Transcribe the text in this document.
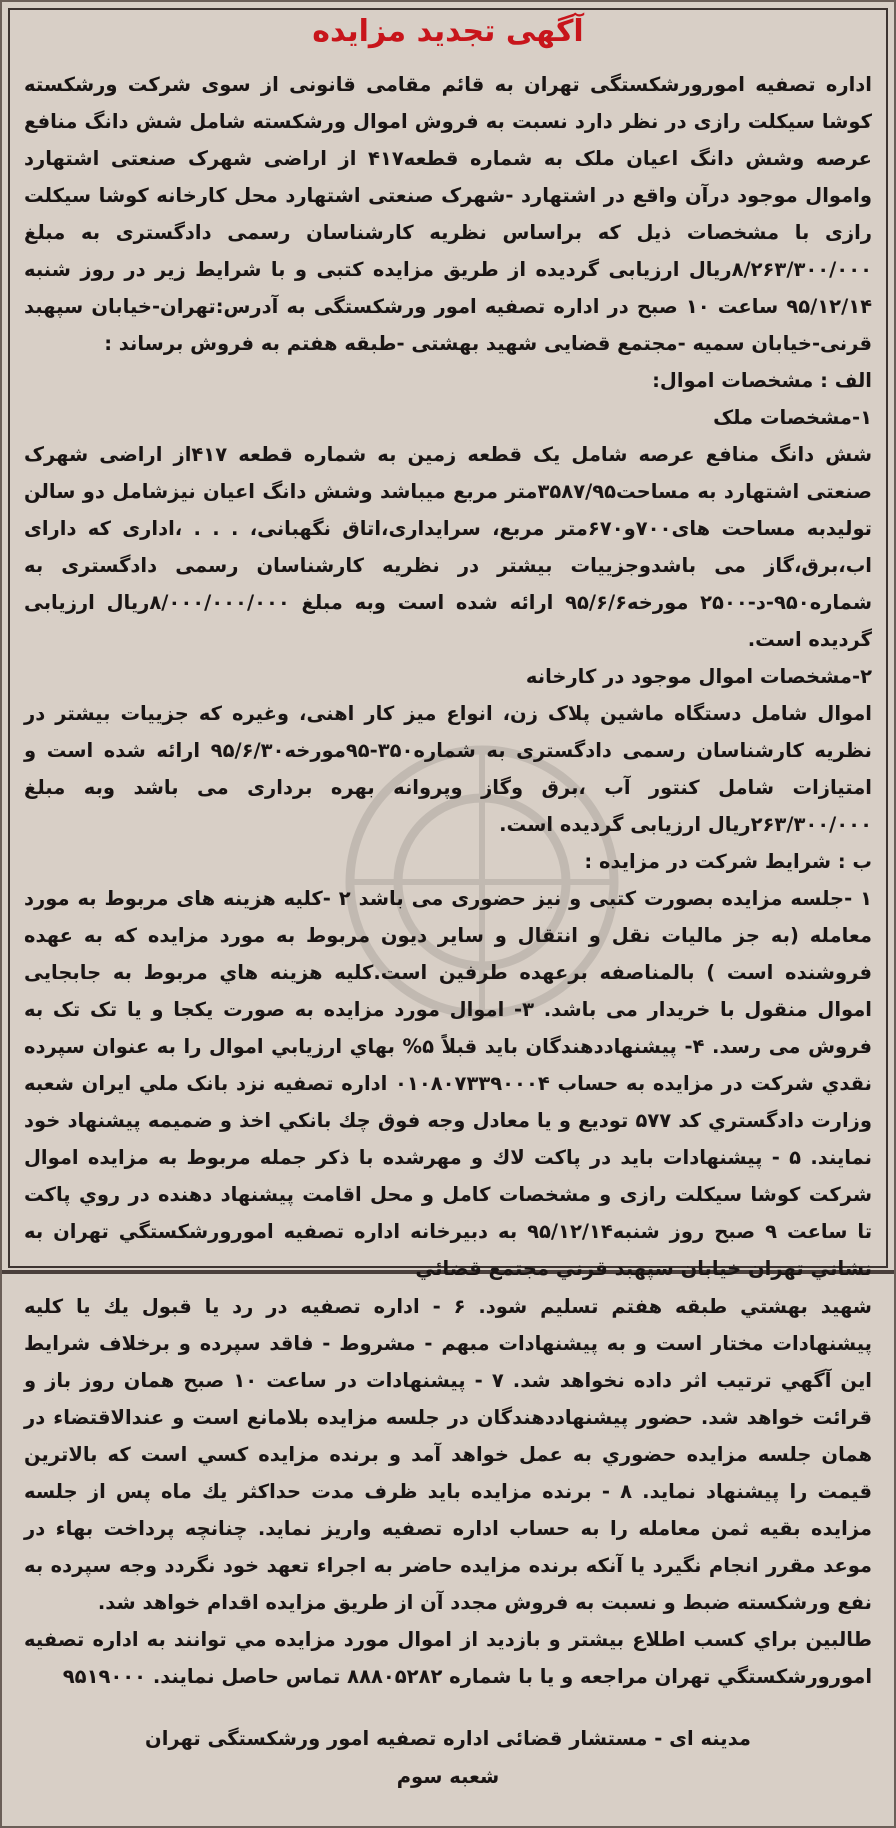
آگهی تجدید مزایده

اداره تصفیه امورورشکستگی تهران به قائم مقامی قانونی از سوی شرکت ورشکسته کوشا سیکلت رازی در نظر دارد نسبت به فروش اموال ورشکسته شامل شش دانگ منافع عرصه وشش دانگ اعیان ملک به شماره قطعه۴۱۷ از اراضی شهرک صنعتی اشتهارد واموال موجود درآن واقع در اشتهارد -شهرک صنعتی اشتهارد محل کارخانه کوشا سیکلت رازی با مشخصات ذیل که براساس نظریه کارشناسان رسمی دادگستری به مبلغ ۸/۲۶۳/۳۰۰/۰۰۰ریال ارزیابی گردیده از طریق مزایده کتبی و با شرایط زیر در روز شنبه ۹۵/۱۲/۱۴ ساعت ۱۰ صبح در اداره تصفیه امور ورشکستگی به آدرس:تهران-خیابان سپهبد قرنی-خیابان سمیه -مجتمع قضایی شهید بهشتی -طبقه هفتم به فروش برساند :

الف : مشخصات اموال:

۱-مشخصات ملک

شش دانگ منافع عرصه شامل یک قطعه زمین به شماره قطعه ۴۱۷از اراضی شهرک صنعتی اشتهارد به مساحت۳۵۸۷/۹۵متر مربع میباشد وشش دانگ اعیان نیزشامل دو سالن تولیدبه مساحت های۷۰۰و۶۷۰متر مربع، سرایداری،اتاق نگهبانی، . . . ،اداری که دارای اب،برق،گاز می باشدوجزییات بیشتر در نظریه کارشناسان رسمی دادگستری به شماره۹۵۰-د-۲۵۰۰ مورخه۹۵/۶/۶ ارائه شده است وبه مبلغ ۸/۰۰۰/۰۰۰/۰۰۰ریال ارزیابی گردیده است.

۲-مشخصات اموال موجود در کارخانه

اموال شامل دستگاه ماشین پلاک زن، انواع میز کار اهنی، وغیره که جزییات بیشتر در نظریه کارشناسان رسمی دادگستری به شماره۳۵۰-۹۵مورخه۹۵/۶/۳۰ ارائه شده است و امتیازات شامل کنتور آب ،برق وگاز وپروانه بهره برداری می باشد وبه مبلغ ۲۶۳/۳۰۰/۰۰۰ریال ارزیابی گردیده است.

ب : شرایط شرکت در مزایده :

۱ -جلسه مزایده بصورت کتبی و نیز حضوری می باشد ۲ -کلیه هزینه های مربوط به مورد معامله (به جز مالیات نقل و انتقال و سایر دیون مربوط به مورد مزایده که به عهده فروشنده است ) بالمناصفه برعهده طرفین است.کلیه هزینه هاي مربوط به جابجایی اموال منقول با خریدار می باشد. ۳- اموال مورد مزایده به صورت یکجا و یا تک تک به فروش می رسد. ۴- پیشنهاددهندگان باید قبلاً ۵% بهاي ارزیابي اموال را به عنوان سپرده نقدي شرکت در مزایده به حساب ۰۱۰۸۰۷۳۳۹۰۰۰۴ اداره تصفیه نزد بانک ملي ایران شعبه وزارت دادگستري کد ۵۷۷ تودیع و یا معادل وجه فوق چك بانكي اخذ و ضمیمه پیشنهاد خود نمایند. ۵ - پیشنهادات باید در پاکت لاك و مهرشده با ذکر جمله مربوط به مزایده اموال شرکت کوشا سیکلت رازی و مشخصات کامل و محل اقامت پیشنهاد دهنده در روي پاکت تا ساعت ۹ صبح روز شنبه۹۵/۱۲/۱۴ به دبیرخانه اداره تصفیه امورورشکستگي تهران به نشاني تهران خیابان سپهبد قرني مجتمع قضائي

شهید بهشتي طبقه هفتم تسلیم شود. ۶ - اداره تصفیه در رد یا قبول یك یا کلیه پیشنهادات مختار است و به پیشنهادات مبهم - مشروط - فاقد سپرده و برخلاف شرایط این آگهي ترتیب اثر داده نخواهد شد. ۷ - پیشنهادات در ساعت ۱۰ صبح همان روز باز و قرائت خواهد شد. حضور پیشنهاددهندگان در جلسه مزایده بلامانع است و عندالاقتضاء در همان جلسه مزایده حضوري به عمل خواهد آمد و برنده مزایده کسي است که بالاترین قیمت را پیشنهاد نماید. ۸ - برنده مزایده باید ظرف مدت حداکثر یك ماه پس از جلسه مزایده بقیه ثمن معامله را به حساب اداره تصفیه واریز نماید. چنانچه پرداخت بهاء در موعد مقرر انجام نگیرد یا آنکه برنده مزایده حاضر به اجراء تعهد خود نگردد وجه سپرده به نفع ورشکسته ضبط و نسبت به فروش مجدد آن از طریق مزایده اقدام خواهد شد.

طالبین براي کسب اطلاع بیشتر و بازدید از اموال مورد مزایده مي توانند به اداره تصفیه امورورشکستگي تهران مراجعه و یا با شماره ۸۸۸۰۵۲۸۲ تماس حاصل نمایند. ۹۵۱۹۰۰۰

مدینه ای - مستشار قضائی اداره تصفیه امور ورشکستگی تهران
شعبه سوم
